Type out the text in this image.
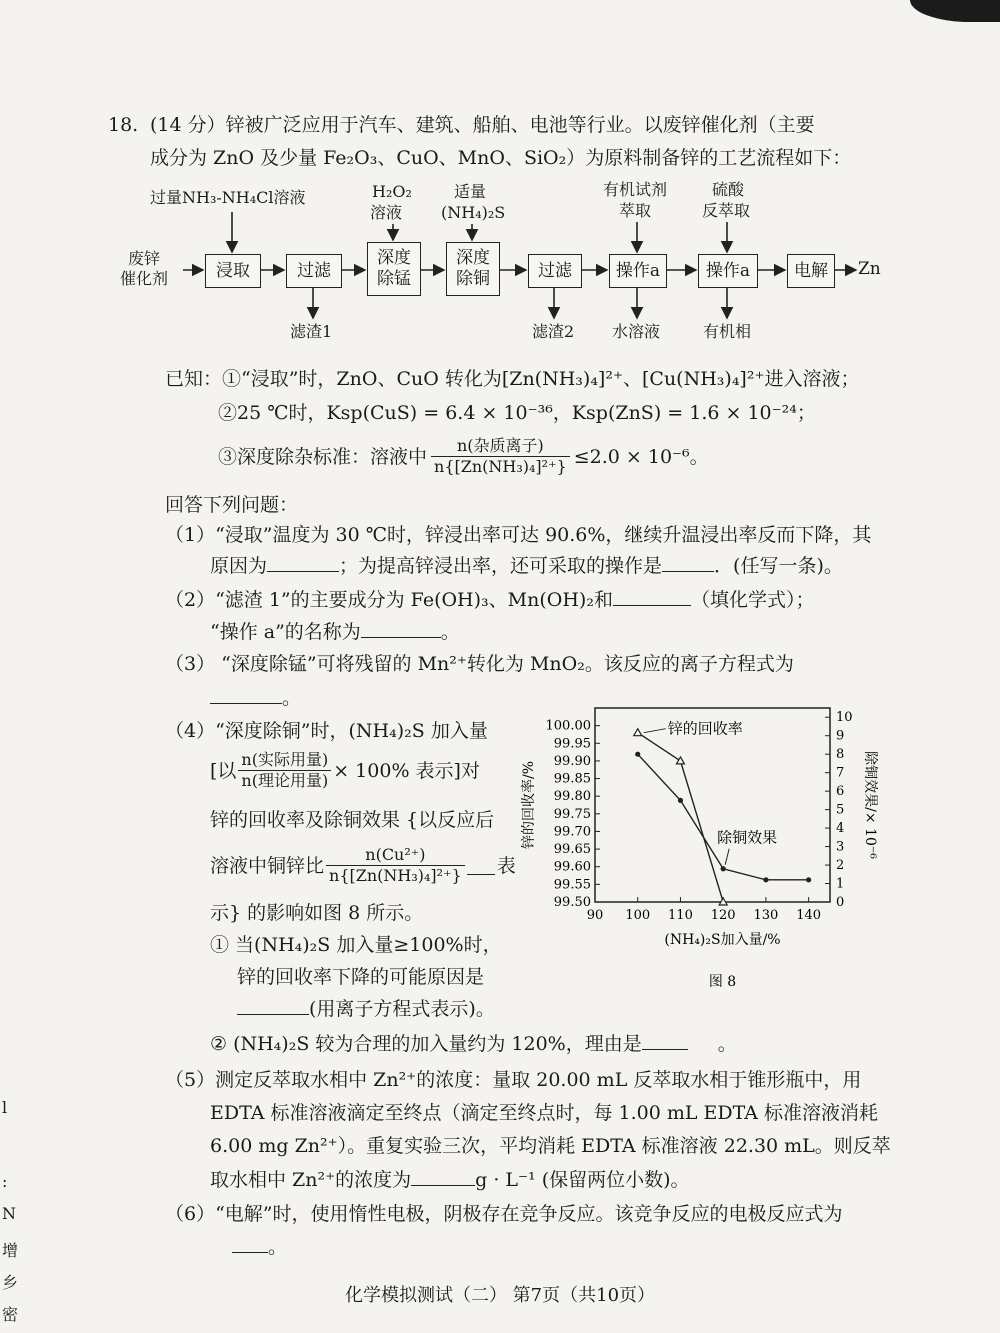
18. (14 分）锌被广泛应用于汽车、建筑、船舶、电池等行业。以废锌催化剂（主要
成分为 ZnO 及少量 Fe₂O₃、CuO、MnO、SiO₂）为原料制备锌的工艺流程如下：
过量NH₃-NH₄Cl溶液	H₂O₂
溶液
适量
(NH₄)₂S
有机试剂
萃取
硫酸
反萃取
废锌
催化剂	浸取	过滤
深度
除锰
深度
除铜	过滤	操作a	操作a	电解 Zn
滤渣1	滤渣2 水溶液	有机相
已知：①“浸取”时，ZnO、CuO 转化为[Zn(NH₃)₄]²⁺、[Cu(NH₃)₄]²⁺进入溶液；
②25 ℃时，Ksp(CuS) = 6.4 × 10⁻³⁶，Ksp(ZnS) = 1.6 × 10⁻²⁴；
③深度除杂标准：溶液中 $\frac{\text{n(杂质离子)}}{\text{n\{[Zn(NH₃)₄]²⁺\}}} \le 2.0 \times 10^{-6}$。
回答下列问题：
（1）“浸取”温度为 30 ℃时，锌浸出率可达 90.6%，继续升温浸出率反而下降，其
原因为	；为提高锌浸出率，还可采取的操作是	．(任写一条)。
（2）“滤渣 1”的主要成分为 Fe(OH)₃、Mn(OH)₂和	（填化学式）；
“操作 a”的名称为	。
（3） “深度除锰”可将残留的 Mn²⁺转化为 MnO₂。该反应的离子方程式为
。
（4）“深度除铜”时，(NH₄)₂S 加入量
[以 $\frac{\text{n(实际用量)}}{\text{n(理论用量)}} \times 100\%$ 表示]对
锌的回收率及除铜效果 {以反应后
溶液中铜锌比 $\frac{\text{n(Cu²⁺)}}{\text{n\{[Zn(NH₃)₄]²⁺\}}}$ 表
示} 的影响如图 8 所示。
① 当(NH₄)₂S 加入量≥100%时，
锌的回收率下降的可能原因是
(用离子方程式表示)。
② (NH₄)₂S 较为合理的加入量约为 120%，理由是	。
99.50
99.55
99.60
99.65
99.70
99.75
99.80
99.85
99.90
99.95
100.00
0
1
2
3
4
5
6
7
8
9
10
90 100 110 120 130 140
(NH₄)₂S加入量/%
图 8
锌的回收率/%	除铜效果/× 10⁻⁶
锌的回收率
除铜效果
（5）测定反萃取水相中 Zn²⁺的浓度：量取 20.00 mL 反萃取水相于锥形瓶中，用
EDTA 标准溶液滴定至终点（滴定至终点时，每 1.00 mL EDTA 标准溶液消耗
6.00 mg Zn²⁺）。重复实验三次，平均消耗 EDTA 标准溶液 22.30 mL。则反萃
取水相中 Zn²⁺的浓度为	g · L⁻¹ (保留两位小数)。
（6）“电解”时，使用惰性电极，阴极存在竞争反应。该竞争反应的电极反应式为
。
l
:
N
增
乡
密
化学模拟测试（二） 第7页（共10页）
